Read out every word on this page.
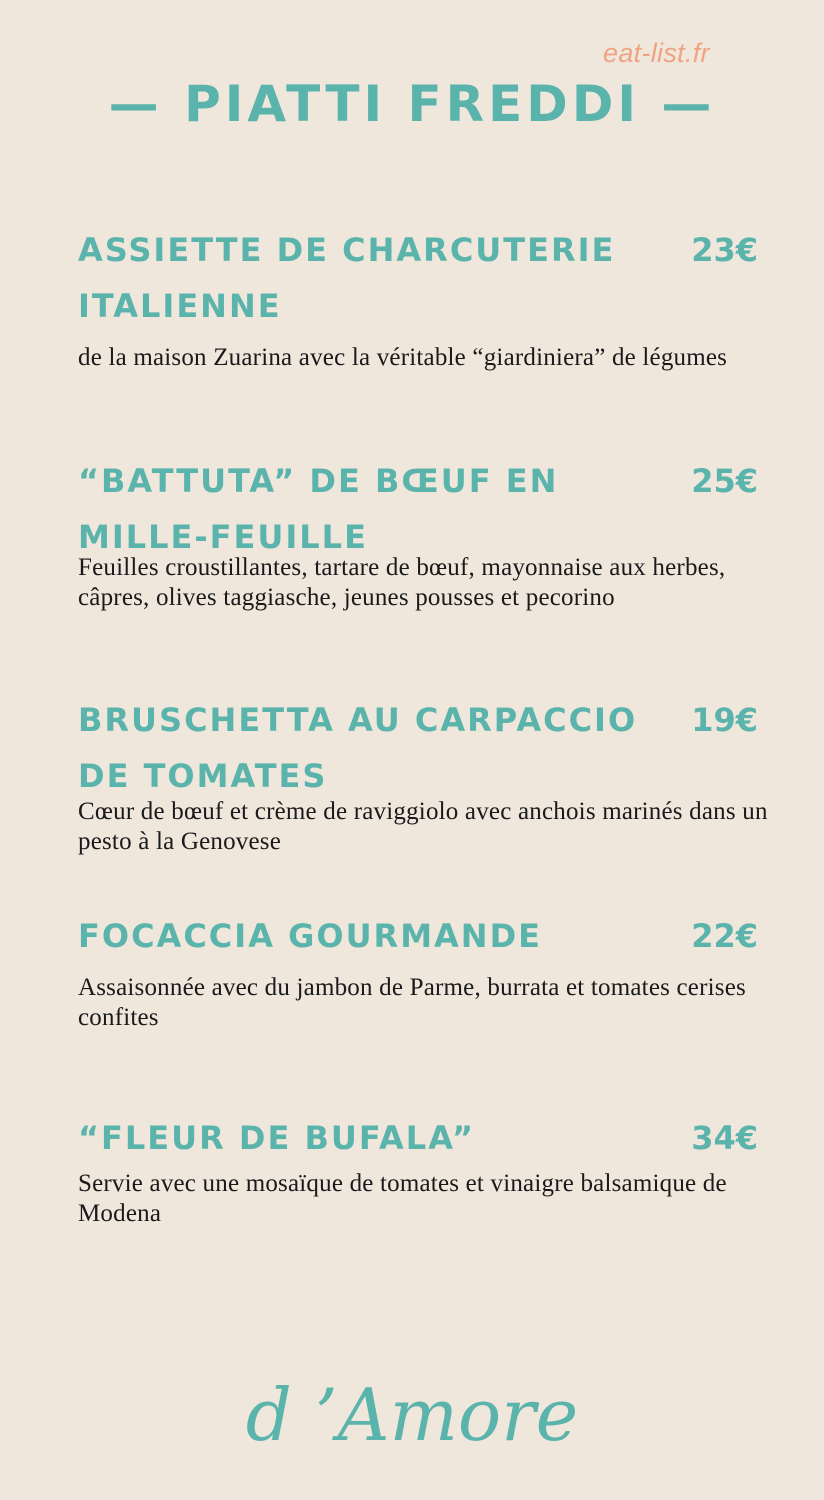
eat-list.fr
— PIATTI FREDDI —
ASSIETTE DE CHARCUTERIE ITALIENNE
23€
de la maison Zuarina avec la véritable “giardiniera” de légumes
“BATTUTA” DE BŒUF EN MILLE-FEUILLE
25€
Feuilles croustillantes, tartare de bœuf, mayonnaise aux herbes, câpres, olives taggiasche, jeunes pousses et pecorino
BRUSCHETTA AU CARPACCIO DE TOMATES
19€
Cœur de bœuf et crème de raviggiolo avec anchois marinés dans un pesto à la Genovese
FOCACCIA GOURMANDE	22€
Assaisonnée avec du jambon de Parme, burrata et tomates cerises confites
“FLEUR DE BUFALA”	34€
Servie avec une mosaïque de tomates et vinaigre balsamique de Modena
d ’Amore
